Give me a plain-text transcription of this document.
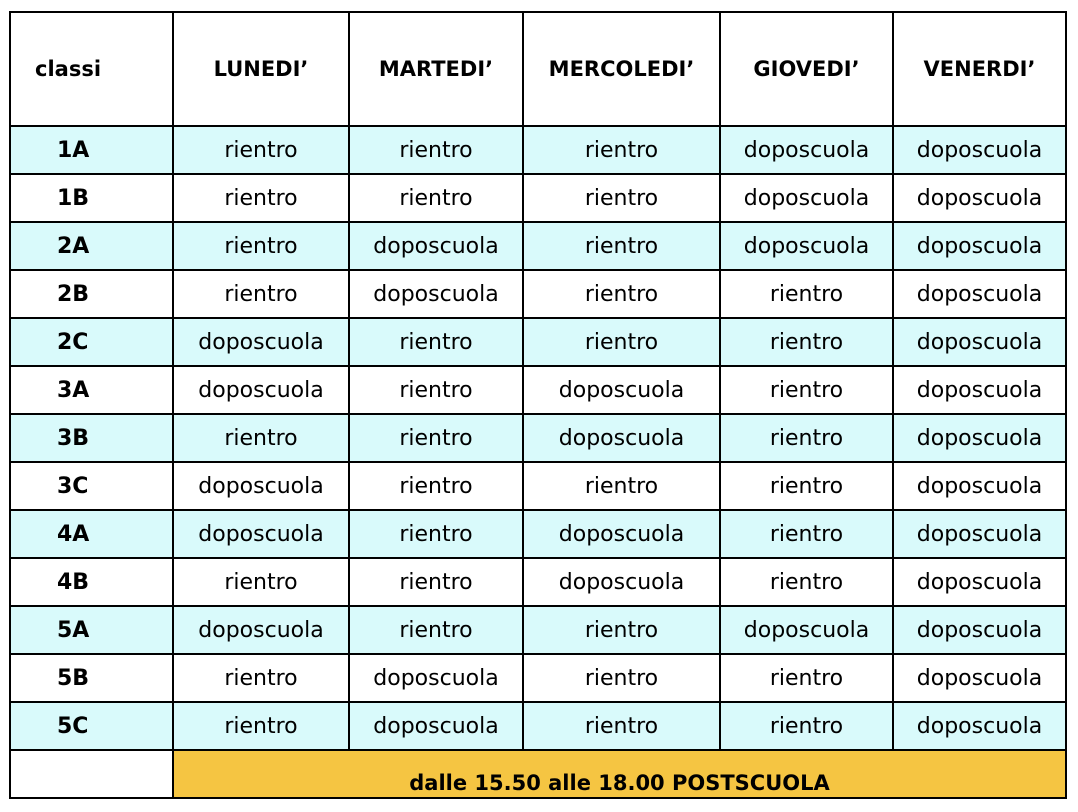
classi	LUNEDI’	MARTEDI’	MERCOLEDI’	GIOVEDI’	VENERDI’
1A	rientro	rientro	rientro	doposcuola	doposcuola
1B	rientro	rientro	rientro	doposcuola	doposcuola
2A	rientro	doposcuola	rientro	doposcuola	doposcuola
2B	rientro	doposcuola	rientro	rientro	doposcuola
2C	doposcuola	rientro	rientro	rientro	doposcuola
3A	doposcuola	rientro	doposcuola	rientro	doposcuola
3B	rientro	rientro	doposcuola	rientro	doposcuola
3C	doposcuola	rientro	rientro	rientro	doposcuola
4A	doposcuola	rientro	doposcuola	rientro	doposcuola
4B	rientro	rientro	doposcuola	rientro	doposcuola
5A	doposcuola	rientro	rientro	doposcuola	doposcuola
5B	rientro	doposcuola	rientro	rientro	doposcuola
5C	rientro	doposcuola	rientro	rientro	doposcuola
	dalle 15.50 alle 18.00 POSTSCUOLA				
